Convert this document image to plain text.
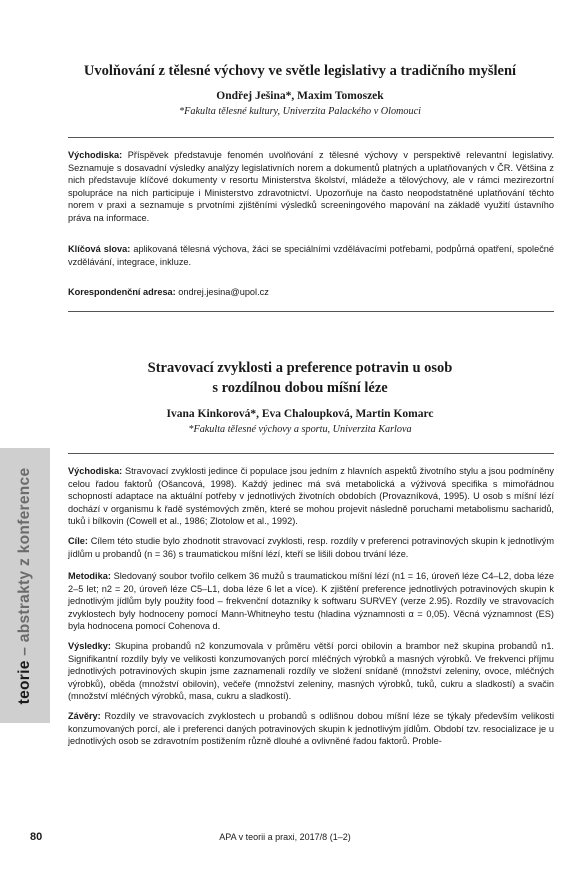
Uvolňování z tělesné výchovy ve světle legislativy a tradičního myšlení
Ondřej Ješina*, Maxim Tomoszek
*Fakulta tělesné kultury, Univerzita Palackého v Olomouci
Východiska: Příspěvek představuje fenomén uvolňování z tělesné výchovy v perspektivě relevantní legislativy. Seznamuje s dosavadní výsledky analýzy legislativních norem a dokumentů platných a uplatňovaných v ČR. Většina z nich představuje klíčové dokumenty v resortu Ministerstva školství, mládeže a tělovýchovy, ale v rámci mezirezortní spolupráce na nich participuje i Ministerstvo zdravotnictví. Upozorňuje na často neopodstatněné uplatňování těchto norem v praxi a seznamuje s prvotními zjištěními výsledků screeningového mapování na základě využití ústavního práva na informace.
Klíčová slova: aplikovaná tělesná výchova, žáci se speciálními vzdělávacími potřebami, podpůrná opatření, společné vzdělávání, integrace, inkluze.
Korespondenční adresa: ondrej.jesina@upol.cz
Stravovací zvyklosti a preference potravin u osob
s rozdílnou dobou míšní léze
Ivana Kinkorová*, Eva Chaloupková, Martin Komarc
*Fakulta tělesné výchovy a sportu, Univerzita Karlova
Východiska: Stravovací zvyklosti jedince či populace jsou jedním z hlavních aspektů životního stylu a jsou podmíněny celou řadou faktorů (Ošancová, 1998). Každý jedinec má svá metabolická a výživová specifika s mimořádnou schopností adaptace na aktuální potřeby v jednotlivých životních obdobích (Provazníková, 1995). U osob s míšní lézí dochází v organismu k řadě systémových změn, které se mohou projevit následně poruchami metabolismu sacharidů, tuků i bílkovin (Cowell et al., 1986; Zlotolow et al., 1992).
Cíle: Cílem této studie bylo zhodnotit stravovací zvyklosti, resp. rozdíly v preferenci potravinových skupin k jednotlivým jídlům u probandů (n = 36) s traumatickou míšní lézí, kteří se lišili dobou trvání léze.
Metodika: Sledovaný soubor tvořilo celkem 36 mužů s traumatickou míšní lézí (n1 = 16, úroveň léze C4–L2, doba léze 2–5 let; n2 = 20, úroveň léze C5–L1, doba léze 6 let a více). K zjištění preference jednotlivých potravinových skupin k jednotlivým jídlům byly použity food – frekvenční dotazníky k softwaru SURVEY (verze 2.95). Rozdíly ve stravovacích zvyklostech byly hodnoceny pomocí Mann-Whitneyho testu (hladina významnosti α = 0,05). Věcná významnost (ES) byla hodnocena pomocí Cohenova d.
Výsledky: Skupina probandů n2 konzumovala v průměru větší porci obilovin a brambor než skupina probandů n1. Signifikantní rozdíly byly ve velikosti konzumovaných porcí mléčných výrobků a masných výrobků. Ve frekvenci příjmu jednotlivých potravinových skupin jsme zaznamenali rozdíly ve složení snídaně (množství zeleniny, ovoce, mléčných výrobků), oběda (množství obilovin), večeře (množství zeleniny, masných výrobků, tuků, cukru a sladkostí) a svačin (množství mléčných výrobků, masa, cukru a sladkostí).
Závěry: Rozdíly ve stravovacích zvyklostech u probandů s odlišnou dobou míšní léze se týkaly především velikosti konzumovaných porcí, ale i preferenci daných potravinových skupin k jednotlivým jídlům. Období tzv. resocializace je u jednotlivých osob se zdravotním postižením různě dlouhé a ovlivněné řadou faktorů. Proble-
teorie – abstrakty z konference
80	APA v teorii a praxi, 2017/8 (1–2)
